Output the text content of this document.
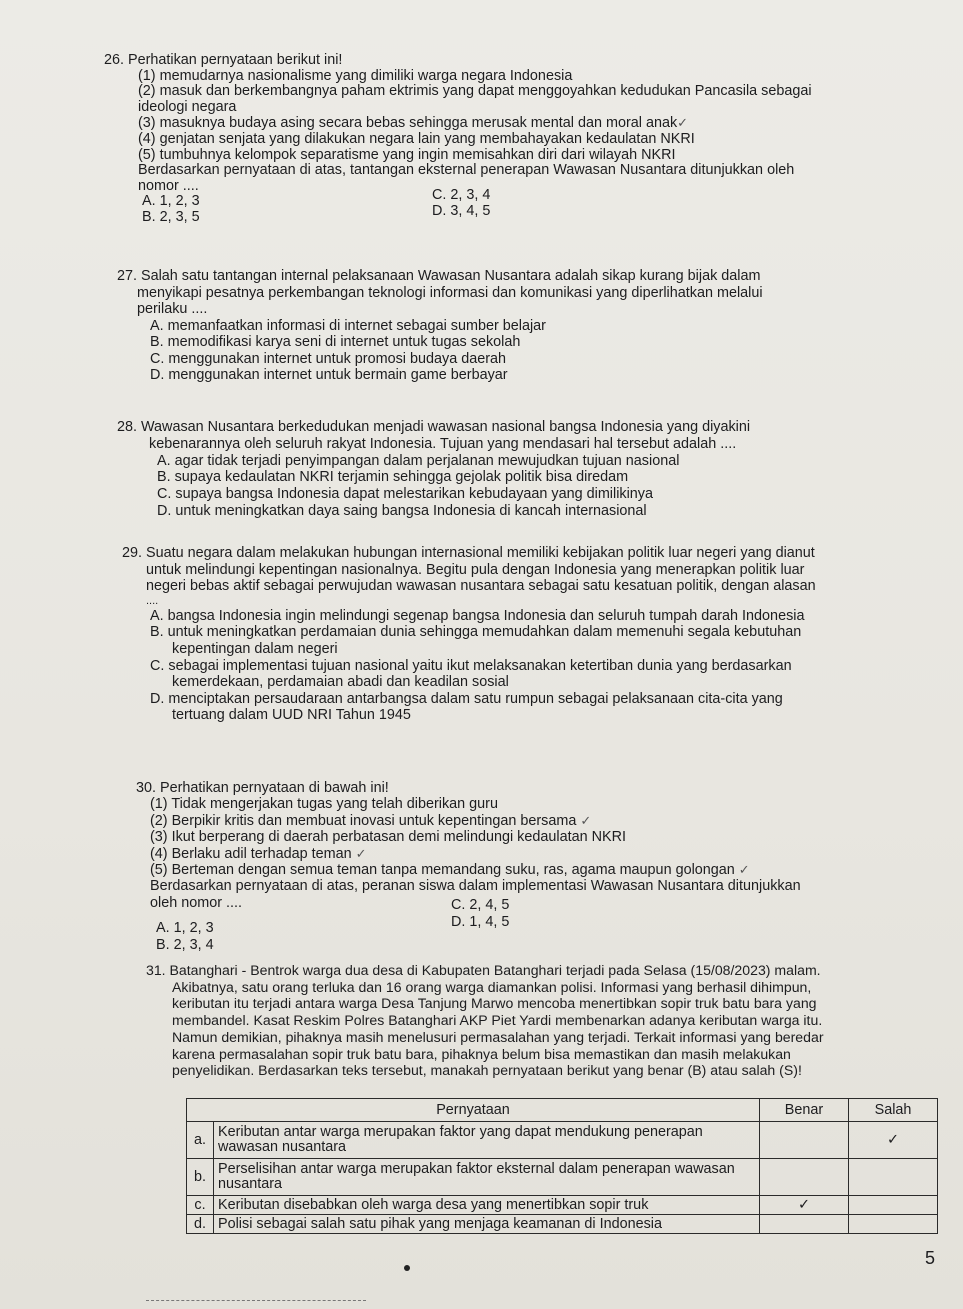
26. Perhatikan pernyataan berikut ini!
(1) memudarnya nasionalisme yang dimiliki warga negara Indonesia
(2) masuk dan berkembangnya paham ektrimis yang dapat menggoyahkan kedudukan Pancasila sebagai
ideologi negara
(3) masuknya budaya asing secara bebas sehingga merusak mental dan moral anak✓
(4) genjatan senjata yang dilakukan negara lain yang membahayakan kedaulatan NKRI
(5) tumbuhnya kelompok separatisme yang ingin memisahkan diri dari wilayah NKRI
Berdasarkan pernyataan di atas, tantangan eksternal penerapan Wawasan Nusantara ditunjukkan oleh
nomor ....
A. 1, 2, 3
B. 2, 3, 5
C. 2, 3, 4
D. 3, 4, 5
27. Salah satu tantangan internal pelaksanaan Wawasan Nusantara adalah sikap kurang bijak dalam
menyikapi pesatnya perkembangan teknologi informasi dan komunikasi yang diperlihatkan melalui
perilaku ....
A. memanfaatkan informasi di internet sebagai sumber belajar
B. memodifikasi karya seni di internet untuk tugas sekolah
C. menggunakan internet untuk promosi budaya daerah
D. menggunakan internet untuk bermain game berbayar
28. Wawasan Nusantara berkedudukan menjadi wawasan nasional bangsa Indonesia yang diyakini
kebenarannya oleh seluruh rakyat Indonesia. Tujuan yang mendasari hal tersebut adalah ....
A. agar tidak terjadi penyimpangan dalam perjalanan mewujudkan tujuan nasional
B. supaya kedaulatan NKRI terjamin sehingga gejolak politik bisa diredam
C. supaya bangsa Indonesia dapat melestarikan kebudayaan yang dimilikinya
D. untuk meningkatkan daya saing bangsa Indonesia di kancah internasional
29. Suatu negara dalam melakukan hubungan internasional memiliki kebijakan politik luar negeri yang dianut
untuk melindungi kepentingan nasionalnya. Begitu pula dengan Indonesia yang menerapkan politik luar
negeri bebas aktif sebagai perwujudan wawasan nusantara sebagai satu kesatuan politik, dengan alasan
....
A. bangsa Indonesia ingin melindungi segenap bangsa Indonesia dan seluruh tumpah darah Indonesia
B. untuk meningkatkan perdamaian dunia sehingga memudahkan dalam memenuhi segala kebutuhan
kepentingan dalam negeri
C. sebagai implementasi tujuan nasional yaitu ikut melaksanakan ketertiban dunia yang berdasarkan
kemerdekaan, perdamaian abadi dan keadilan sosial
D. menciptakan persaudaraan antarbangsa dalam satu rumpun sebagai pelaksanaan cita-cita yang
tertuang dalam UUD NRI Tahun 1945
30. Perhatikan pernyataan di bawah ini!
(1) Tidak mengerjakan tugas yang telah diberikan guru
(2) Berpikir kritis dan membuat inovasi untuk kepentingan bersama ✓
(3) Ikut berperang di daerah perbatasan demi melindungi kedaulatan NKRI
(4) Berlaku adil terhadap teman ✓
(5) Berteman dengan semua teman tanpa memandang suku, ras, agama maupun golongan ✓
Berdasarkan pernyataan di atas, peranan siswa dalam implementasi Wawasan Nusantara ditunjukkan
oleh nomor ....
A. 1, 2, 3
B. 2, 3, 4
C. 2, 4, 5
D. 1, 4, 5
31. Batanghari - Bentrok warga dua desa di Kabupaten Batanghari terjadi pada Selasa (15/08/2023) malam.
Akibatnya, satu orang terluka dan 16 orang warga diamankan polisi. Informasi yang berhasil dihimpun,
keributan itu terjadi antara warga Desa Tanjung Marwo mencoba menertibkan sopir truk batu bara yang
membandel. Kasat Reskim Polres Batanghari AKP Piet Yardi membenarkan adanya keributan warga itu.
Namun demikian, pihaknya masih menelusuri permasalahan yang terjadi. Terkait informasi yang beredar
karena permasalahan sopir truk batu bara, pihaknya belum bisa memastikan dan masih melakukan
penyelidikan. Berdasarkan teks tersebut, manakah pernyataan berikut yang benar (B) atau salah (S)!
Pernyataan		Benar	Salah
a.	Keributan antar warga merupakan faktor yang dapat mendukung penerapan wawasan nusantara		✓
b.	Perselisihan antar warga merupakan faktor eksternal dalam penerapan wawasan nusantara		
c.	Keributan disebabkan oleh warga desa yang menertibkan sopir truk	✓	
d.	Polisi sebagai salah satu pihak yang menjaga keamanan di Indonesia		
5
